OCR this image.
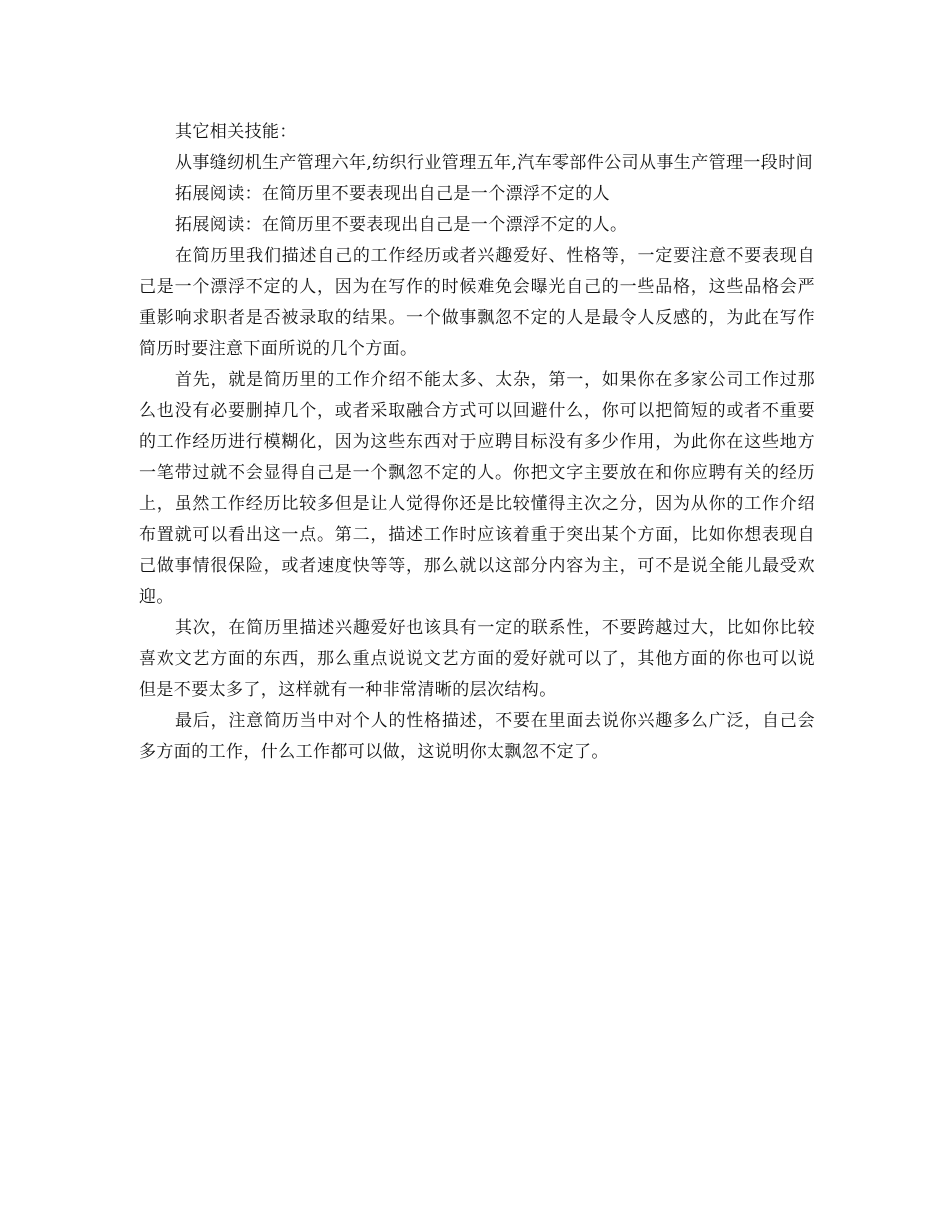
其它相关技能：

从事缝纫机生产管理六年,纺织行业管理五年,汽车零部件公司从事生产管理一段时间

拓展阅读：在简历里不要表现出自己是一个漂浮不定的人

拓展阅读：在简历里不要表现出自己是一个漂浮不定的人。

在简历里我们描述自己的工作经历或者兴趣爱好、性格等，一定要注意不要表现自己是一个漂浮不定的人，因为在写作的时候难免会曝光自己的一些品格，这些品格会严重影响求职者是否被录取的结果。一个做事飘忽不定的人是最令人反感的，为此在写作简历时要注意下面所说的几个方面。

首先，就是简历里的工作介绍不能太多、太杂，第一，如果你在多家公司工作过那么也没有必要删掉几个，或者采取融合方式可以回避什么，你可以把简短的或者不重要的工作经历进行模糊化，因为这些东西对于应聘目标没有多少作用，为此你在这些地方一笔带过就不会显得自己是一个飘忽不定的人。你把文字主要放在和你应聘有关的经历上，虽然工作经历比较多但是让人觉得你还是比较懂得主次之分，因为从你的工作介绍布置就可以看出这一点。第二，描述工作时应该着重于突出某个方面，比如你想表现自己做事情很保险，或者速度快等等，那么就以这部分内容为主，可不是说全能儿最受欢迎。

其次，在简历里描述兴趣爱好也该具有一定的联系性，不要跨越过大，比如你比较喜欢文艺方面的东西，那么重点说说文艺方面的爱好就可以了，其他方面的你也可以说但是不要太多了，这样就有一种非常清晰的层次结构。

最后，注意简历当中对个人的性格描述，不要在里面去说你兴趣多么广泛，自己会多方面的工作，什么工作都可以做，这说明你太飘忽不定了。
